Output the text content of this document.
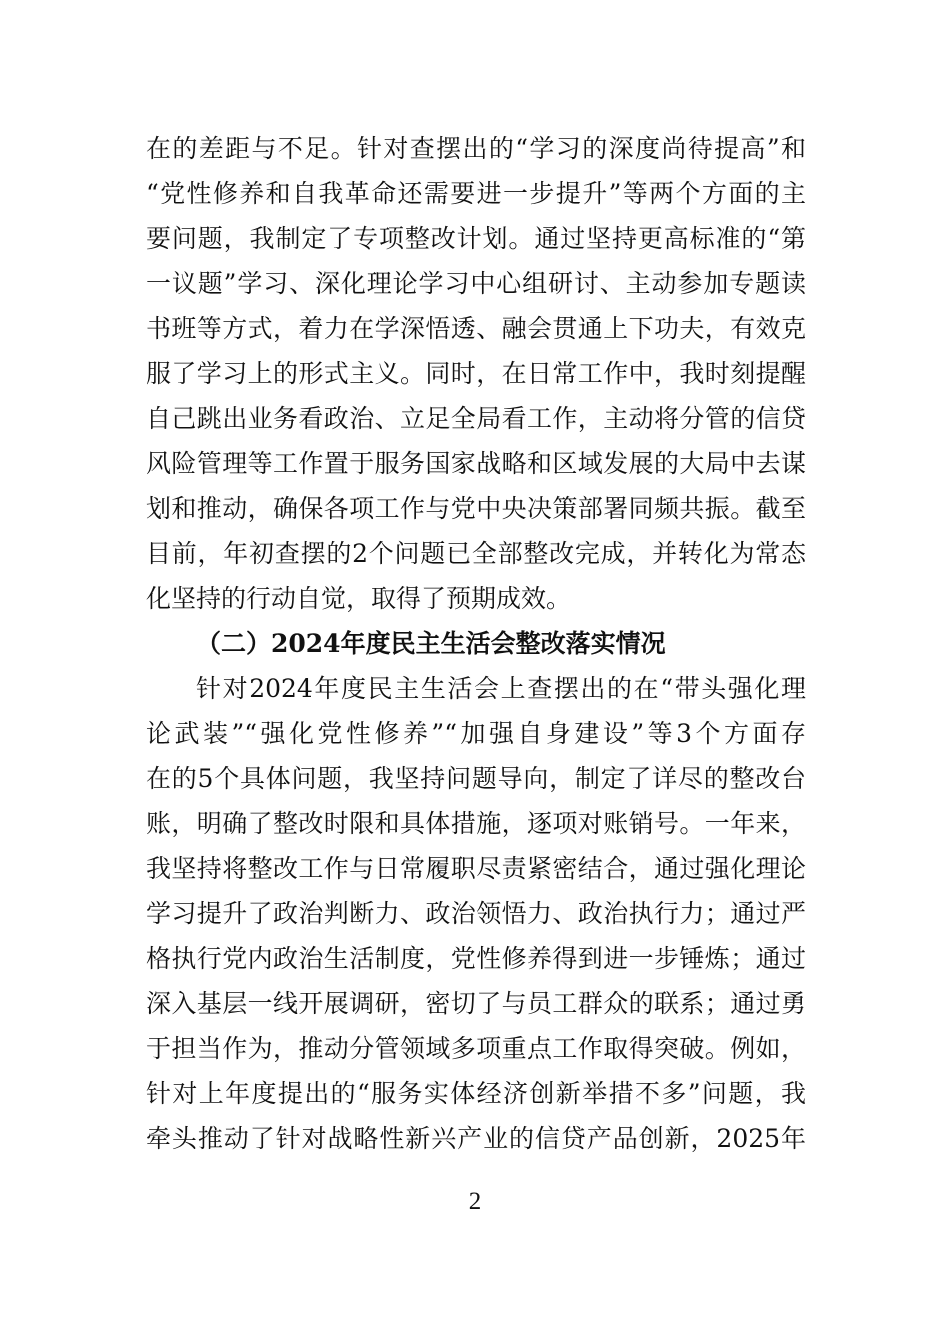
在的差距与不足。针对查摆出的“学习的深度尚待提高”和
“党性修养和自我革命还需要进一步提升”等两个方面的主
要问题，我制定了专项整改计划。通过坚持更高标准的“第
一议题”学习、深化理论学习中心组研讨、主动参加专题读
书班等方式，着力在学深悟透、融会贯通上下功夫，有效克
服了学习上的形式主义。同时，在日常工作中，我时刻提醒
自己跳出业务看政治、立足全局看工作，主动将分管的信贷
风险管理等工作置于服务国家战略和区域发展的大局中去谋
划和推动，确保各项工作与党中央决策部署同频共振。截至
目前，年初查摆的2个问题已全部整改完成，并转化为常态
化坚持的行动自觉，取得了预期成效。
（二）2024年度民主生活会整改落实情况
针对2024年度民主生活会上查摆出的在“带头强化理
论武装”“强化党性修养”“加强自身建设”等3个方面存
在的5个具体问题，我坚持问题导向，制定了详尽的整改台
账，明确了整改时限和具体措施，逐项对账销号。一年来，
我坚持将整改工作与日常履职尽责紧密结合，通过强化理论
学习提升了政治判断力、政治领悟力、政治执行力；通过严
格执行党内政治生活制度，党性修养得到进一步锤炼；通过
深入基层一线开展调研，密切了与员工群众的联系；通过勇
于担当作为，推动分管领域多项重点工作取得突破。例如，
针对上年度提出的“服务实体经济创新举措不多”问题，我
牵头推动了针对战略性新兴产业的信贷产品创新，2025年
2
